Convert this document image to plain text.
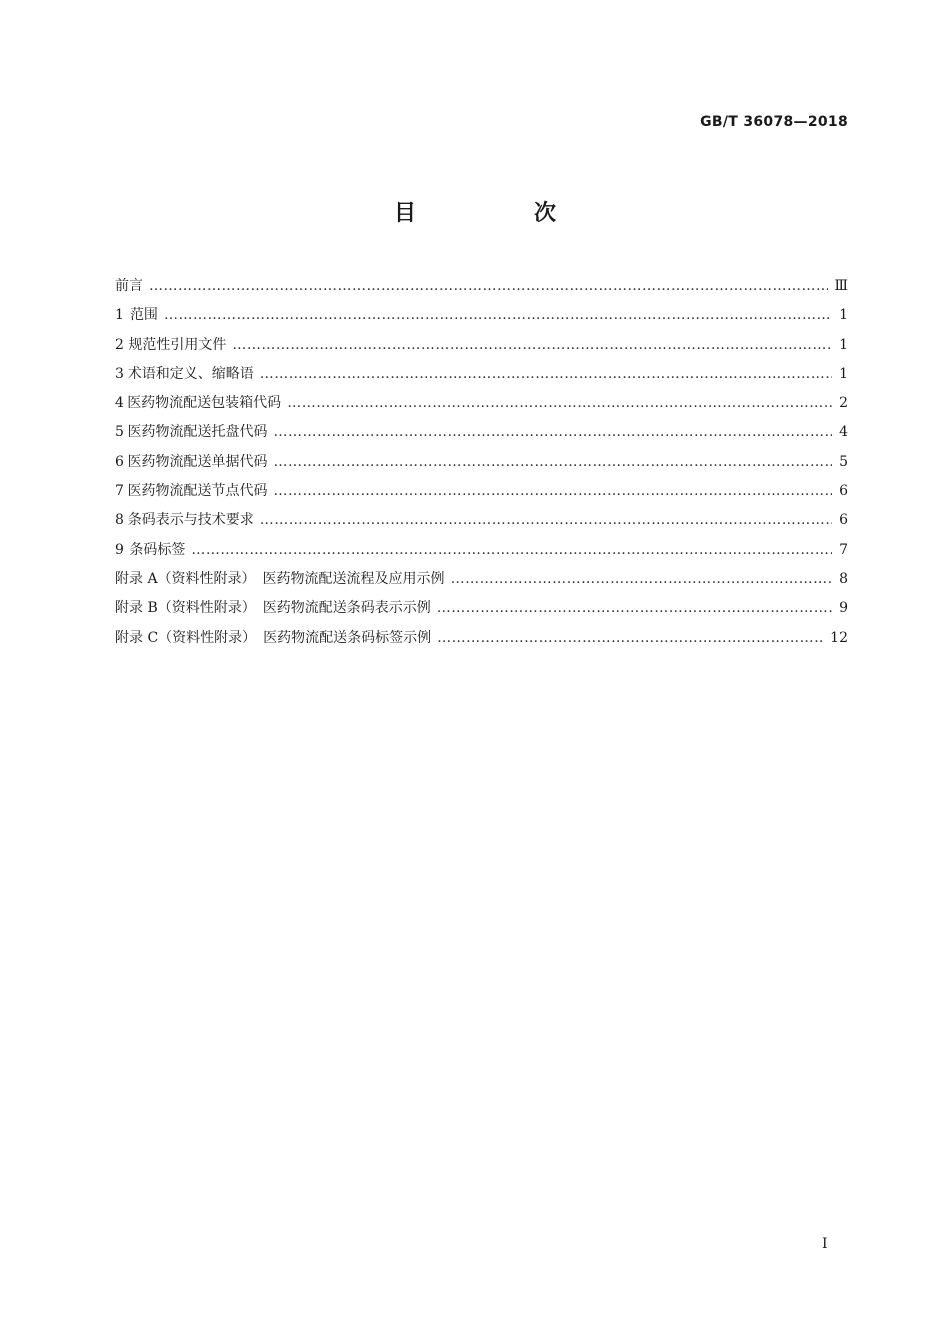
GB/T 36078—2018
目　次
前言 ……………………………………………………………………………………………………………………………………………………………………………………………………	Ⅲ
1 范围 ……………………………………………………………………………………………………………………………………………………………………………………………………	1
2 规范性引用文件 ……………………………………………………………………………………………………………………………………………………………………………………………………	1
3 术语和定义、缩略语 ……………………………………………………………………………………………………………………………………………………………………………………………………	1
4 医药物流配送包装箱代码 ……………………………………………………………………………………………………………………………………………………………………………………………………	2
5 医药物流配送托盘代码 ……………………………………………………………………………………………………………………………………………………………………………………………………	4
6 医药物流配送单据代码 ……………………………………………………………………………………………………………………………………………………………………………………………………	5
7 医药物流配送节点代码 ……………………………………………………………………………………………………………………………………………………………………………………………………	6
8 条码表示与技术要求 ……………………………………………………………………………………………………………………………………………………………………………………………………	6
9 条码标签 ……………………………………………………………………………………………………………………………………………………………………………………………………	7
附录 A（资料性附录）　医药物流配送流程及应用示例 ……………………………………………………………………………………………………………………………………………………………………………………………………	8
附录 B（资料性附录）　医药物流配送条码表示示例 ……………………………………………………………………………………………………………………………………………………………………………………………………	9
附录 C（资料性附录）　医药物流配送条码标签示例 ……………………………………………………………………………………………………………………………………………………………………………………………………	12
Ⅰ
